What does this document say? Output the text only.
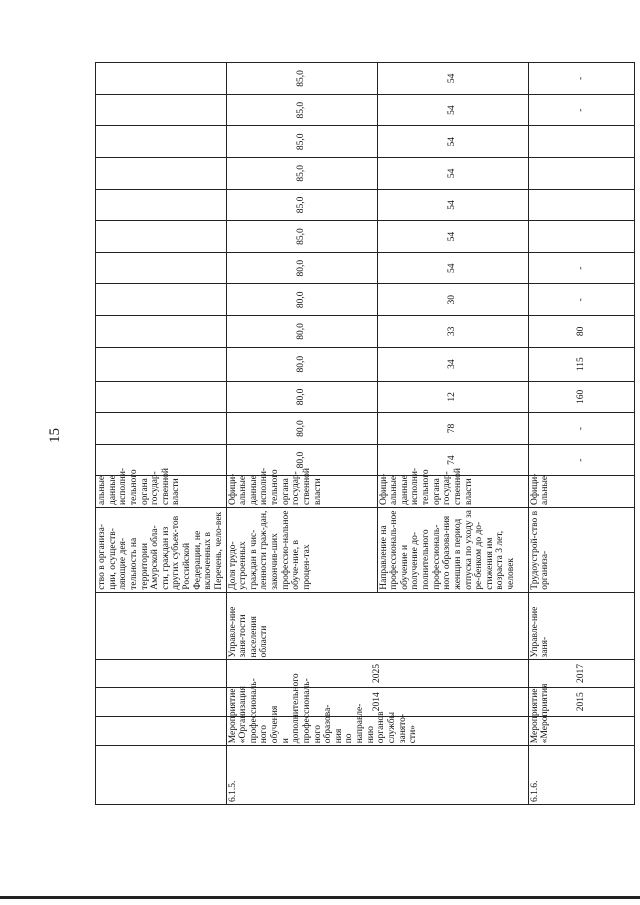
15
					ство в организа-ции, осуществ-ляющие дея-тельность на территории Амурской обла-сти, граждан из других субъек-тов Российской Федерации, не включенных в Перечень, чело-век	альные данные исполни-тельного органа государ-ственной власти													
6.1.5.	Мероприятие «Организация профессиональ-ного обучения и дополнительного профессиональ-ного образова-ния по направле-нию органов службы занято-сти»	2014	2025	Управле-ние заня-тости населения области	Доля трудо-устроенных граждан в чис-ленности граж-дан, закончив-ших профессио-нальное обуче-ние, в процен-тах	Офици-альные данные исполни-тельного органа государ-ственной власти	80,0	80,0	80,0	80,0	80,0	80,0	80,0	85,0	85,0	85,0	85,0	85,0	85,0
					Направление на профессиональ-ное обучение и получение до-полнительного профессиональ-ного образова-ния женщин в период отпуска по уходу за ре-бенком до до-стижения им возраста 3 лет, человек	Офици-альные данные исполни-тельного органа государ-ственной власти	74	78	12	34	33	30	54	54	54	54	54	54	54
6.1.6.	Мероприятие «Мероприятия	2015	2017	Управле-ние заня-	Трудоустрой-ство в организа-	Офици-альные	-	-	160	115	80	-	-					-	-
